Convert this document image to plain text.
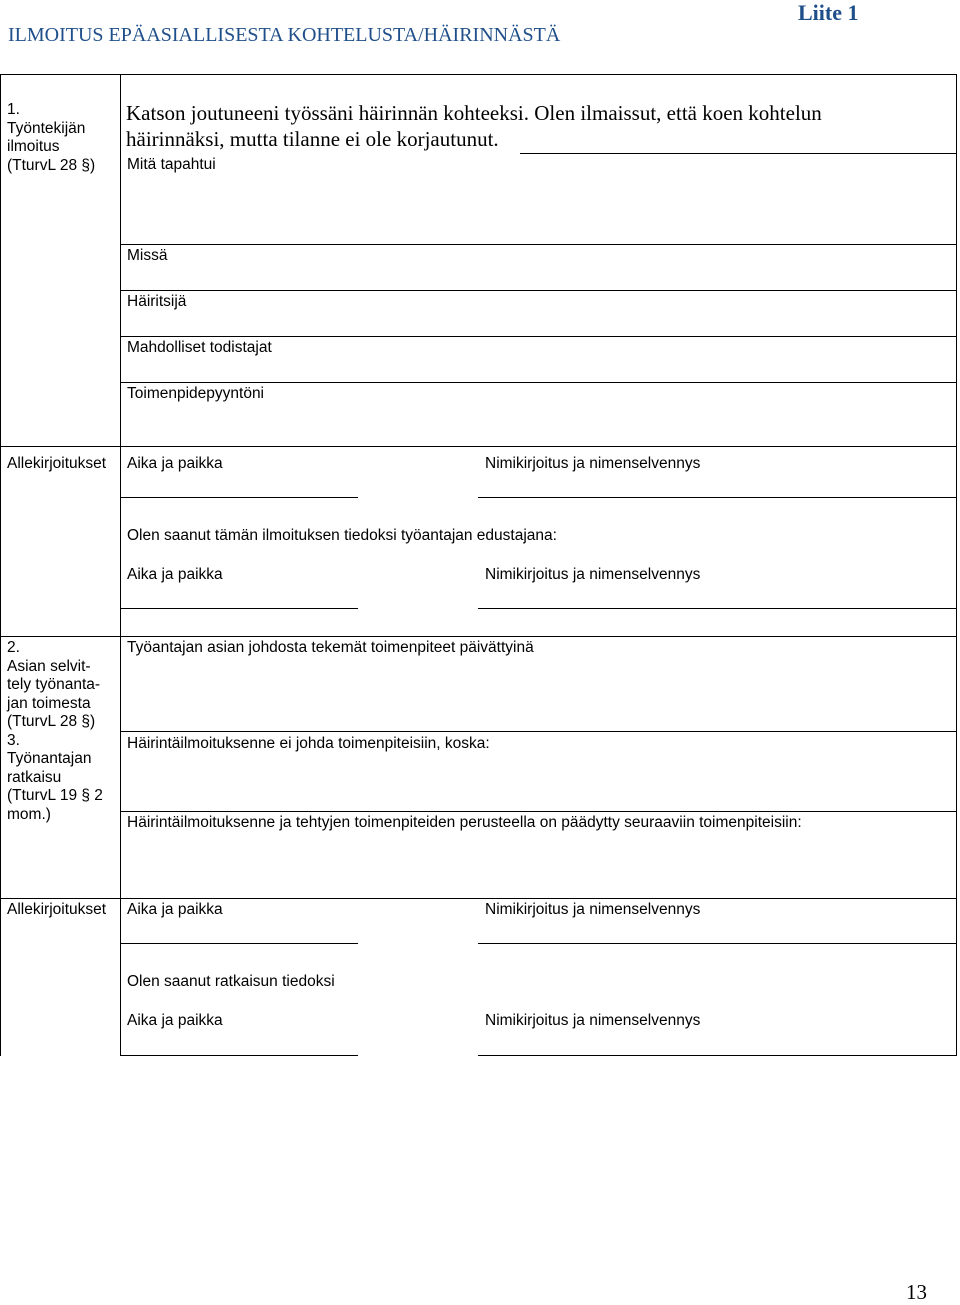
ILMOITUS EPÄASIALLISESTA KOHTELUSTA/HÄIRINNÄSTÄ
Liite 1
1.
Työntekijän
ilmoitus
(TturvL 28 §)
Katson joutuneeni työssäni häirinnän kohteeksi. Olen ilmaissut, että koen kohtelun
häirinnäksi, mutta tilanne ei ole korjautunut.
Mitä tapahtui
Missä
Häiritsijä
Mahdolliset todistajat
Toimenpidepyyntöni
Allekirjoitukset Aika ja paikka	Nimikirjoitus ja nimenselvennys
Olen saanut tämän ilmoituksen tiedoksi työantajan edustajana:
Aika ja paikka	Nimikirjoitus ja nimenselvennys
2.
Asian selvit-
tely työnanta-
jan toimesta
(TturvL 28 §)
3.
Työnantajan
ratkaisu
(TturvL 19 § 2
mom.)
Työantajan asian johdosta tekemät toimenpiteet päivättyinä
Häirintäilmoituksenne ei johda toimenpiteisiin, koska:
Häirintäilmoituksenne ja tehtyjen toimenpiteiden perusteella on päädytty seuraaviin toimenpiteisiin:
Allekirjoitukset Aika ja paikka	Nimikirjoitus ja nimenselvennys
Olen saanut ratkaisun tiedoksi
Aika ja paikka	Nimikirjoitus ja nimenselvennys
13
